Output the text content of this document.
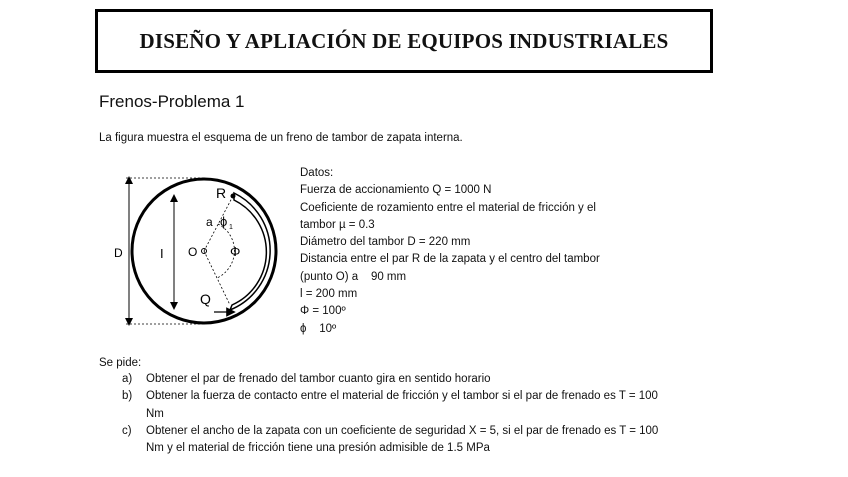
DISEÑO Y APLIACIÓN DE EQUIPOS INDUSTRIALES
Frenos-Problema 1
La figura muestra el esquema de un freno de tambor de zapata interna.
R
D	I O
a ϕ 1
Φ
Q
Datos:
Fuerza de accionamiento Q = 1000 N
Coeficiente de rozamiento entre el material de fricción y el
tambor µ = 0.3
Diámetro del tambor D = 220 mm
Distancia entre el par R de la zapata y el centro del tambor
(punto O) a    90 mm
l = 200 mm
Φ = 100º
ϕ    10º
Se pide:
a)	Obtener el par de frenado del tambor cuanto gira en sentido horario
b)	Obtener la fuerza de contacto entre el material de fricción y el tambor si el par de frenado es T = 100 Nm
c)	Obtener el ancho de la zapata con un coeficiente de seguridad X = 5, si el par de frenado es T = 100 Nm y el material de fricción tiene una presión admisible de 1.5 MPa
